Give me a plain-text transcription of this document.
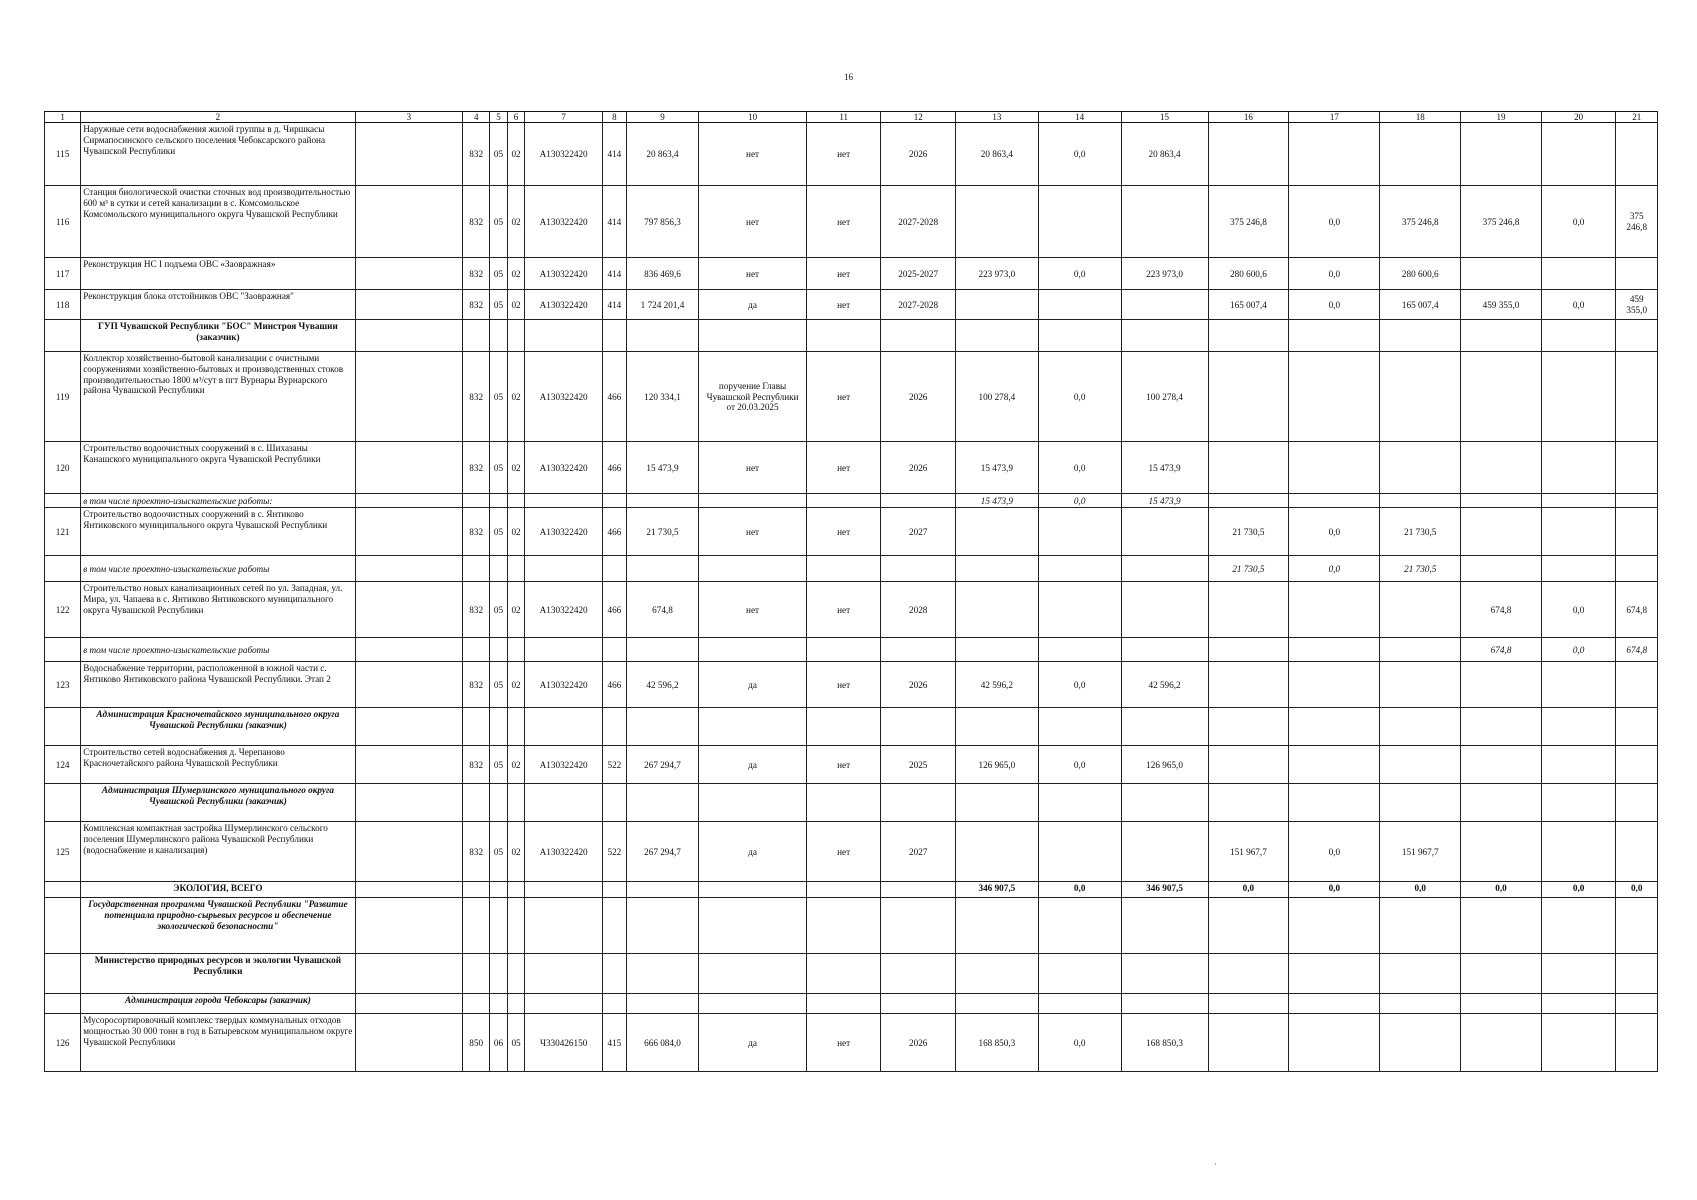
16
1	2	3	4	5	6	7	8	9	10	11	12	13	14	15	16	17	18	19	20	21
115	Наружные сети водоснабжения жилой группы в д. Чиршкасы Сирмапосинского сельского поселения Чебоксарского района Чувашской Республики		832	05	02	А130322420	414	20 863,4	нет	нет	2026	20 863,4	0,0	20 863,4						
116	Станция биологической очистки сточных вод производительностью 600 м³ в сутки и сетей канализации в с. Комсомольское Комсомольского муниципального округа Чувашской Республики		832	05	02	А130322420	414	797 856,3	нет	нет	2027-2028				375 246,8	0,0	375 246,8	375 246,8	0,0	375 246,8
117	Реконструкция НС I подъема ОВС «Заовражная»		832	05	02	А130322420	414	836 469,6	нет	нет	2025-2027	223 973,0	0,0	223 973,0	280 600,6	0,0	280 600,6			
118	Реконструкция блока отстойников ОВС "Заовражная"		832	05	02	А130322420	414	1 724 201,4	да	нет	2027-2028				165 007,4	0,0	165 007,4	459 355,0	0,0	459 355,0
	ГУП Чувашской Республики "БОС" Минстроя Чувашии (заказчик)																			
119	Коллектор хозяйственно-бытовой канализации с очистными сооружениями хозяйственно-бытовых и производственных стоков производительностью 1800 м³/сут в пгт Вурнары Вурнарского района Чувашской Республики		832	05	02	А130322420	466	120 334,1	поручение Главы Чувашской Республики от 20.03.2025	нет	2026	100 278,4	0,0	100 278,4						
120	Строительство водоочистных сооружений в с. Шихазаны Канашского муниципального округа Чувашской Республики		832	05	02	А130322420	466	15 473,9	нет	нет	2026	15 473,9	0,0	15 473,9						
	в том числе проектно-изыскательские работы:											15 473,9	0,0	15 473,9						
121	Строительство водоочистных сооружений в с. Янтиково Янтиковского муниципального округа Чувашской Республики		832	05	02	А130322420	466	21 730,5	нет	нет	2027				21 730,5	0,0	21 730,5			
	в том числе проектно-изыскательские работы														21 730,5	0,0	21 730,5			
122	Строительство новых канализационных сетей по ул. Западная, ул. Мира, ул. Чапаева в с. Янтиково Янтиковского муниципального округа Чувашской Республики		832	05	02	А130322420	466	674,8	нет	нет	2028							674,8	0,0	674,8
	в том числе проектно-изыскательские работы																	674,8	0,0	674,8
123	Водоснабжение территории, расположенной в южной части с. Янтиково Янтиковского района Чувашской Республики. Этап 2		832	05	02	А130322420	466	42 596,2	да	нет	2026	42 596,2	0,0	42 596,2						
	Администрация Красночетайского муниципального округа Чувашской Республики (заказчик)																			
124	Строительство сетей водоснабжения д. Черепаново Красночетайского района Чувашской Республики		832	05	02	А130322420	522	267 294,7	да	нет	2025	126 965,0	0,0	126 965,0						
	Администрация Шумерлинского муниципального округа Чувашской Республики (заказчик)																			
125	Комплексная компактная застройка Шумерлинского сельского поселения Шумерлинского района Чувашской Республики (водоснабжение и канализация)		832	05	02	А130322420	522	267 294,7	да	нет	2027				151 967,7	0,0	151 967,7			
	ЭКОЛОГИЯ, ВСЕГО											346 907,5	0,0	346 907,5	0,0	0,0	0,0	0,0	0,0	0,0
	Государственная программа Чувашской Республики "Развитие потенциала природно-сырьевых ресурсов и обеспечение экологической безопасности"																			
	Министерство природных ресурсов и экологии Чувашской Республики																			
	Администрация города Чебоксары (заказчик)																			
126	Мусоросортировочный комплекс твердых коммунальных отходов мощностью 30 000 тонн в год в Батыревском муниципальном округе Чувашской Республики		850	06	05	Ч330426150	415	666 084,0	да	нет	2026	168 850,3	0,0	168 850,3						
·
